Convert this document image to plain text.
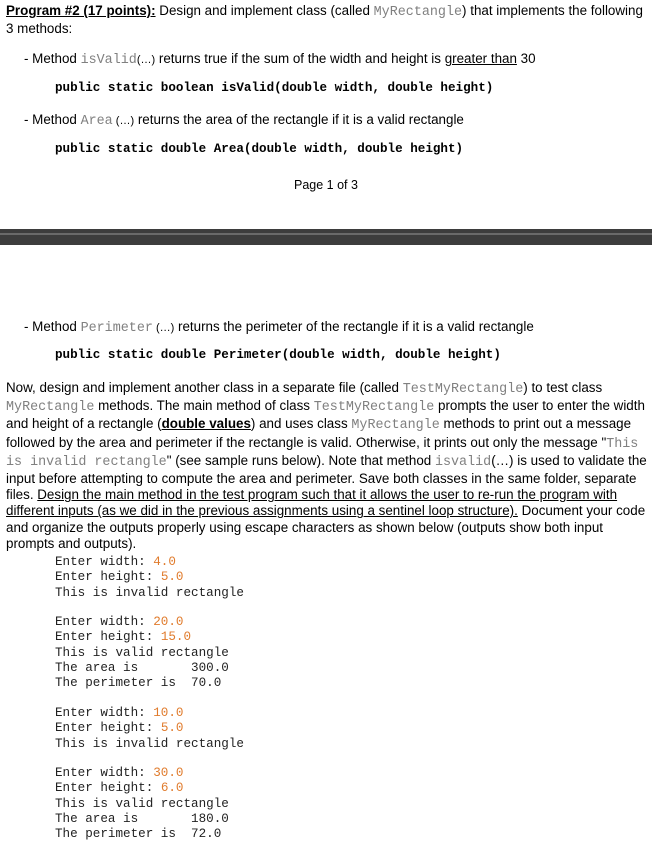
Program #2 (17 points): Design and implement class (called MyRectangle) that implements the following 3 methods:
- Method isValid(…) returns true if the sum of the width and height is greater than 30
public static boolean isValid(double width, double height)
- Method Area (…) returns the area of the rectangle if it is a valid rectangle
public static double Area(double width, double height)
Page 1 of 3
- Method Perimeter (…) returns the perimeter of the rectangle if it is a valid rectangle
public static double Perimeter(double width, double height)
Now, design and implement another class in a separate file (called TestMyRectangle) to test class MyRectangle methods. The main method of class TestMyRectangle prompts the user to enter the width and height of a rectangle (double values) and uses class MyRectangle methods to print out a message followed by the area and perimeter if the rectangle is valid. Otherwise, it prints out only the message "This is invalid rectangle" (see sample runs below). Note that method isvalid(…) is used to validate the input before attempting to compute the area and perimeter. Save both classes in the same folder, separate files. Design the main method in the test program such that it allows the user to re-run the program with different inputs (as we did in the previous assignments using a sentinel loop structure). Document your code and organize the outputs properly using escape characters as shown below (outputs show both input prompts and outputs).
Enter width: 4.0
Enter height: 5.0
This is invalid rectangle
Enter width: 20.0
Enter height: 15.0
This is valid rectangle
The area is       300.0
The perimeter is  70.0
Enter width: 10.0
Enter height: 5.0
This is invalid rectangle
Enter width: 30.0
Enter height: 6.0
This is valid rectangle
The area is       180.0
The perimeter is  72.0
